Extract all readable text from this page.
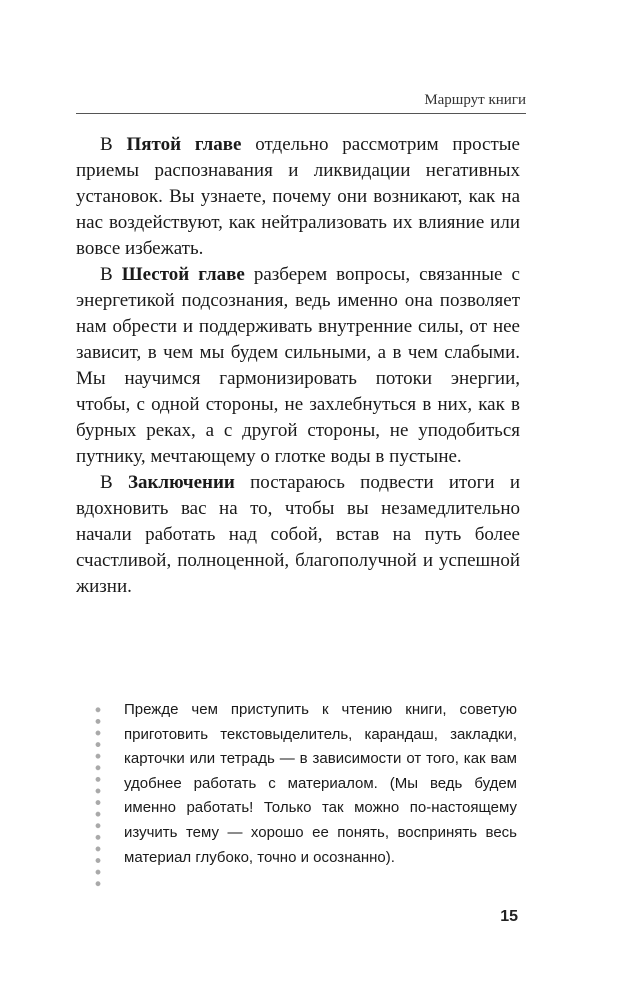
Маршрут книги

В Пятой главе отдельно рассмотрим простые приемы распознавания и ликвидации негативных установок. Вы узнаете, почему они возникают, как на нас воздействуют, как нейтрализовать их влияние или вовсе избежать.

В Шестой главе разберем вопросы, связанные с энергетикой подсознания, ведь именно она позволяет нам обрести и поддерживать внутренние силы, от нее зависит, в чем мы будем сильными, а в чем слабыми. Мы научимся гармонизировать потоки энергии, чтобы, с одной стороны, не захлебнуться в них, как в бурных реках, а с другой стороны, не уподобиться путнику, мечтающему о глотке воды в пустыне.

В Заключении постараюсь подвести итоги и вдохновить вас на то, чтобы вы незамедлительно начали работать над собой, встав на путь более счастливой, полноценной, благополучной и успешной жизни.

Прежде чем приступить к чтению книги, советую приготовить текстовыделитель, карандаш, закладки, карточки или тетрадь — в зависимости от того, как вам удобнее работать с материалом. (Мы ведь будем именно работать! Только так можно по-настоящему изучить тему — хорошо ее понять, воспринять весь материал глубоко, точно и осознанно).

15
